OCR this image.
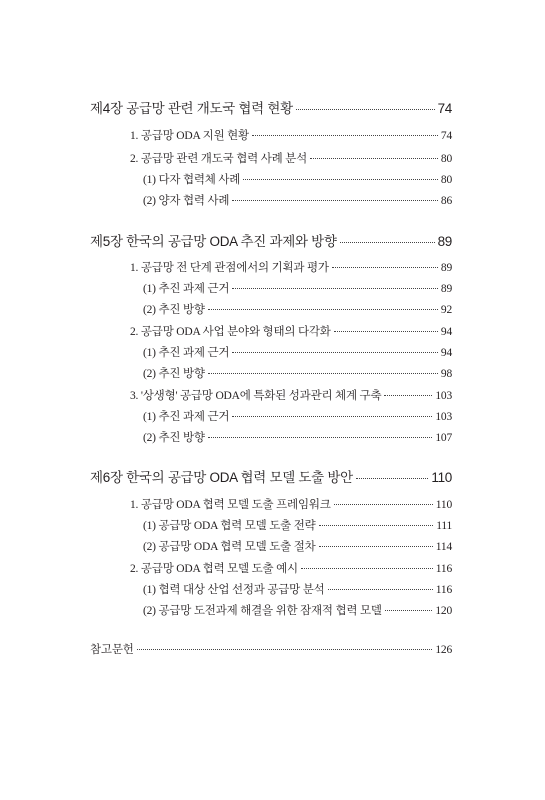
제4장 공급망 관련 개도국 협력 현황	74
1. 공급망 ODA 지원 현황	74
2. 공급망 관련 개도국 협력 사례 분석	80
(1) 다자 협력체 사례	80
(2) 양자 협력 사례	86
제5장 한국의 공급망 ODA 추진 과제와 방향	89
1. 공급망 전 단계 관점에서의 기획과 평가	89
(1) 추진 과제 근거	89
(2) 추진 방향	92
2. 공급망 ODA 사업 분야와 형태의 다각화	94
(1) 추진 과제 근거	94
(2) 추진 방향	98
3. '상생형' 공급망 ODA에 특화된 성과관리 체계 구축	103
(1) 추진 과제 근거	103
(2) 추진 방향	107
제6장 한국의 공급망 ODA 협력 모델 도출 방안	110
1. 공급망 ODA 협력 모델 도출 프레임워크	110
(1) 공급망 ODA 협력 모델 도출 전략	111
(2) 공급망 ODA 협력 모델 도출 절차	114
2. 공급망 ODA 협력 모델 도출 예시	116
(1) 협력 대상 산업 선정과 공급망 분석	116
(2) 공급망 도전과제 해결을 위한 잠재적 협력 모델	120
참고문헌	126
